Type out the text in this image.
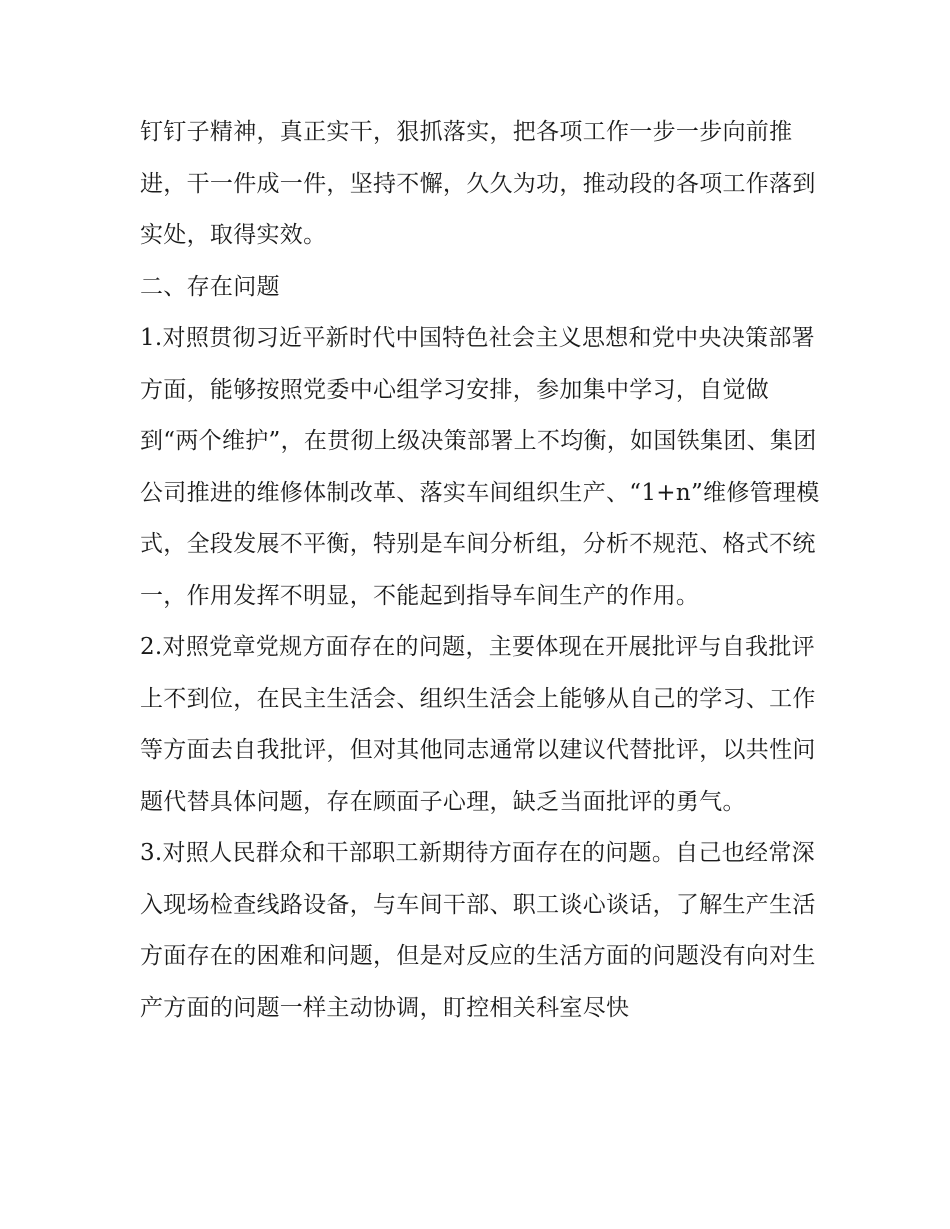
钉钉子精神，真正实干，狠抓落实，把各项工作一步一步向前推进，干一件成一件，坚持不懈，久久为功，推动段的各项工作落到实处，取得实效。

二、存在问题

1.对照贯彻习近平新时代中国特色社会主义思想和党中央决策部署方面，能够按照党委中心组学习安排，参加集中学习，自觉做到“两个维护”，在贯彻上级决策部署上不均衡，如国铁集团、集团公司推进的维修体制改革、落实车间组织生产、“1+n”维修管理模式，全段发展不平衡，特别是车间分析组，分析不规范、格式不统一，作用发挥不明显，不能起到指导车间生产的作用。

2.对照党章党规方面存在的问题，主要体现在开展批评与自我批评上不到位，在民主生活会、组织生活会上能够从自己的学习、工作等方面去自我批评，但对其他同志通常以建议代替批评，以共性问题代替具体问题，存在顾面子心理，缺乏当面批评的勇气。

3.对照人民群众和干部职工新期待方面存在的问题。自己也经常深入现场检查线路设备，与车间干部、职工谈心谈话，了解生产生活方面存在的困难和问题，但是对反应的生活方面的问题没有向对生产方面的问题一样主动协调，盯控相关科室尽快
